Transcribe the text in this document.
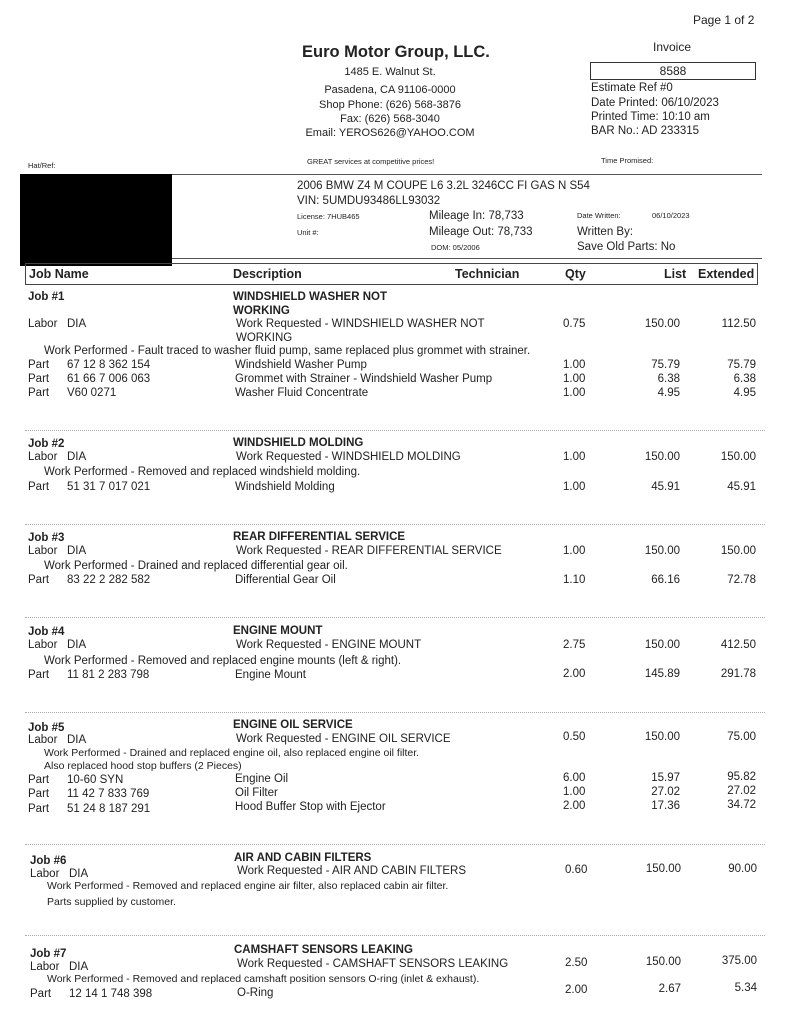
Page 1 of 2
Euro Motor Group, LLC.
1485 E. Walnut St.
Pasadena, CA 91106-0000
Shop Phone: (626) 568-3876
Fax: (626) 568-3040
Email: YEROS626@YAHOO.COM
Invoice
8588
Estimate Ref #0
Date Printed: 06/10/2023
Printed Time: 10:10 am
BAR No.: AD 233315
Hat/Ref:	GREAT services at competitive prices!	Time Promised:
2006 BMW Z4 M COUPE L6 3.2L 3246CC FI GAS N S54
VIN: 5UMDU93486LL93032
License: 7HUB465
Unit #:
Mileage In: 78,733
Mileage Out: 78,733
DOM: 05/2006
Date Written:	06/10/2023
Written By:
Save Old Parts: No
Job Name	Description	Technician	Qty	List Extended
Job #1	WINDSHIELD WASHER NOT
WORKING
Labor DIA	Work Requested - WINDSHIELD WASHER NOT
WORKING
0.75	150.00	112.50
Work Performed - Fault traced to washer fluid pump, same replaced plus grommet with strainer.
Part 67 12 8 362 154	Windshield Washer Pump	1.00	75.79	75.79
Part 61 66 7 006 063	Grommet with Strainer - Windshield Washer Pump	1.00	6.38	6.38
Part V60 0271	Washer Fluid Concentrate	1.00	4.95	4.95
Job #2	WINDSHIELD MOLDING
Labor DIA	Work Requested - WINDSHIELD MOLDING	1.00	150.00	150.00
Work Performed - Removed and replaced windshield molding.
Part 51 31 7 017 021	Windshield Molding	1.00	45.91	45.91
Job #3	REAR DIFFERENTIAL SERVICE
Labor DIA	Work Requested - REAR DIFFERENTIAL SERVICE	1.00	150.00	150.00
Work Performed - Drained and replaced differential gear oil.
Part 83 22 2 282 582	Differential Gear Oil	1.10	66.16	72.78
Job #4	ENGINE MOUNT
Labor DIA	Work Requested - ENGINE MOUNT	2.75	150.00	412.50
Work Performed - Removed and replaced engine mounts (left & right).
Part 11 81 2 283 798	Engine Mount	2.00	145.89	291.78
Job #5	ENGINE OIL SERVICE
Labor DIA	Work Requested - ENGINE OIL SERVICE	0.50	150.00	75.00
Work Performed - Drained and replaced engine oil, also replaced engine oil filter.
Also replaced hood stop buffers (2 Pieces)
Part 10-60 SYN	Engine Oil	6.00	15.97	95.82
Part 11 42 7 833 769	Oil Filter	1.00	27.02	27.02
Part 51 24 8 187 291	Hood Buffer Stop with Ejector	2.00	17.36	34.72
Job #6	AIR AND CABIN FILTERS
Labor DIA	Work Requested - AIR AND CABIN FILTERS	0.60	150.00	90.00
Work Performed - Removed and replaced engine air filter, also replaced cabin air filter.
Parts supplied by customer.
Job #7	CAMSHAFT SENSORS LEAKING
Labor DIA	Work Requested - CAMSHAFT SENSORS LEAKING	2.50	150.00	375.00
Work Performed - Removed and replaced camshaft position sensors O-ring (inlet & exhaust).
Part 12 14 1 748 398	O-Ring	2.00	2.67	5.34
